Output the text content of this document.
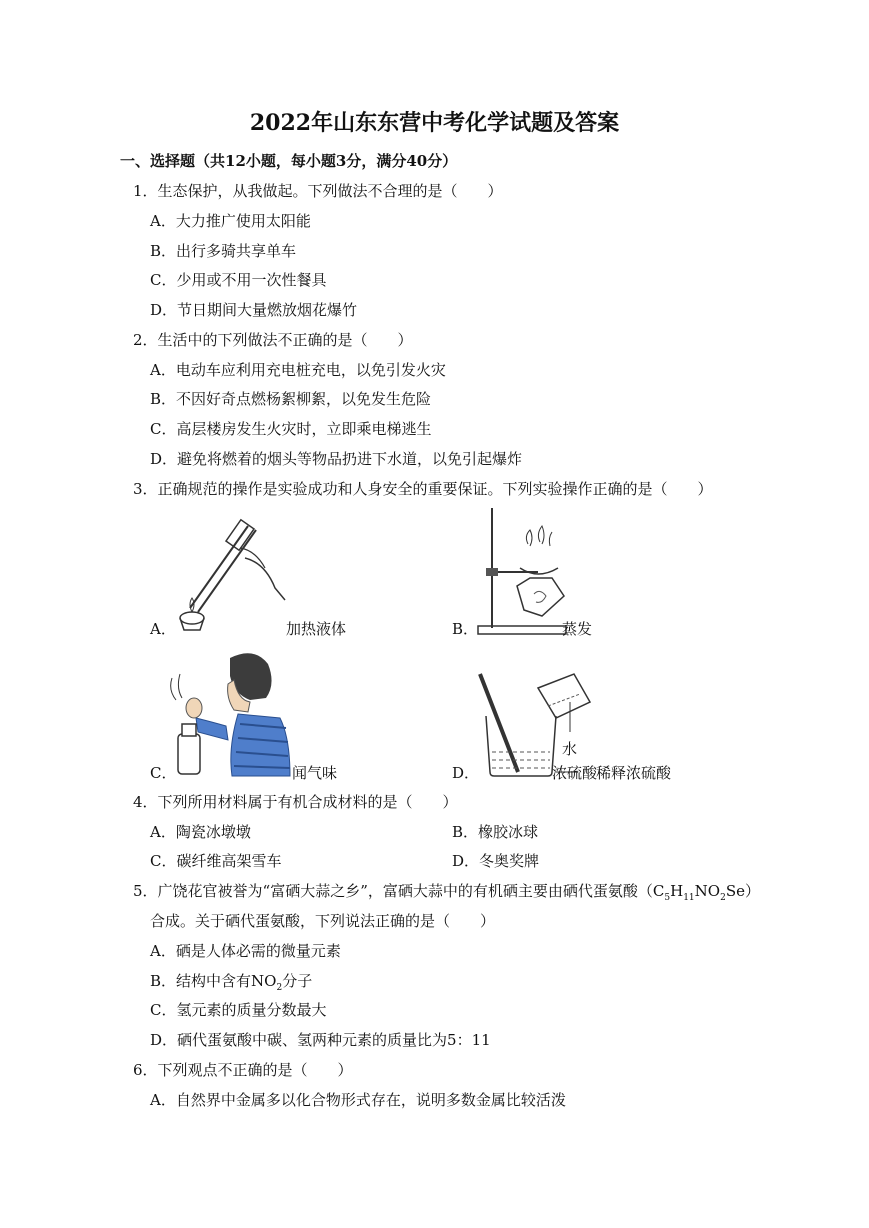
2022年山东东营中考化学试题及答案
一、选择题（共12小题，每小题3分，满分40分）
1．生态保护，从我做起。下列做法不合理的是（　　）
A．大力推广使用太阳能
B．出行多骑共享单车
C．少用或不用一次性餐具
D．节日期间大量燃放烟花爆竹
2．生活中的下列做法不正确的是（　　）
A．电动车应利用充电桩充电，以免引发火灾
B．不因好奇点燃杨絮柳絮，以免发生危险
C．高层楼房发生火灾时，立即乘电梯逃生
D．避免将燃着的烟头等物品扔进下水道，以免引起爆炸
3．正确规范的操作是实验成功和人身安全的重要保证。下列实验操作正确的是（　　）
A．	加热液体	B．	蒸发
C．	闻气味
水
浓硫酸
D．	稀释浓硫酸
4．下列所用材料属于有机合成材料的是（　　）
A．陶瓷冰墩墩	B．橡胶冰球
C．碳纤维高架雪车	D．冬奥奖牌
5．广饶花官被誉为“富硒大蒜之乡”，富硒大蒜中的有机硒主要由硒代蛋氨酸$(C_5H_{11}NO_2Se)$
合成。关于硒代蛋氨酸，下列说法正确的是（　　）
A．硒是人体必需的微量元素
B．结构中含有$NO_2$分子
C．氢元素的质量分数最大
D．硒代蛋氨酸中碳、氢两种元素的质量比为5：11
6．下列观点不正确的是（　　）
A．自然界中金属多以化合物形式存在，说明多数金属比较活泼
